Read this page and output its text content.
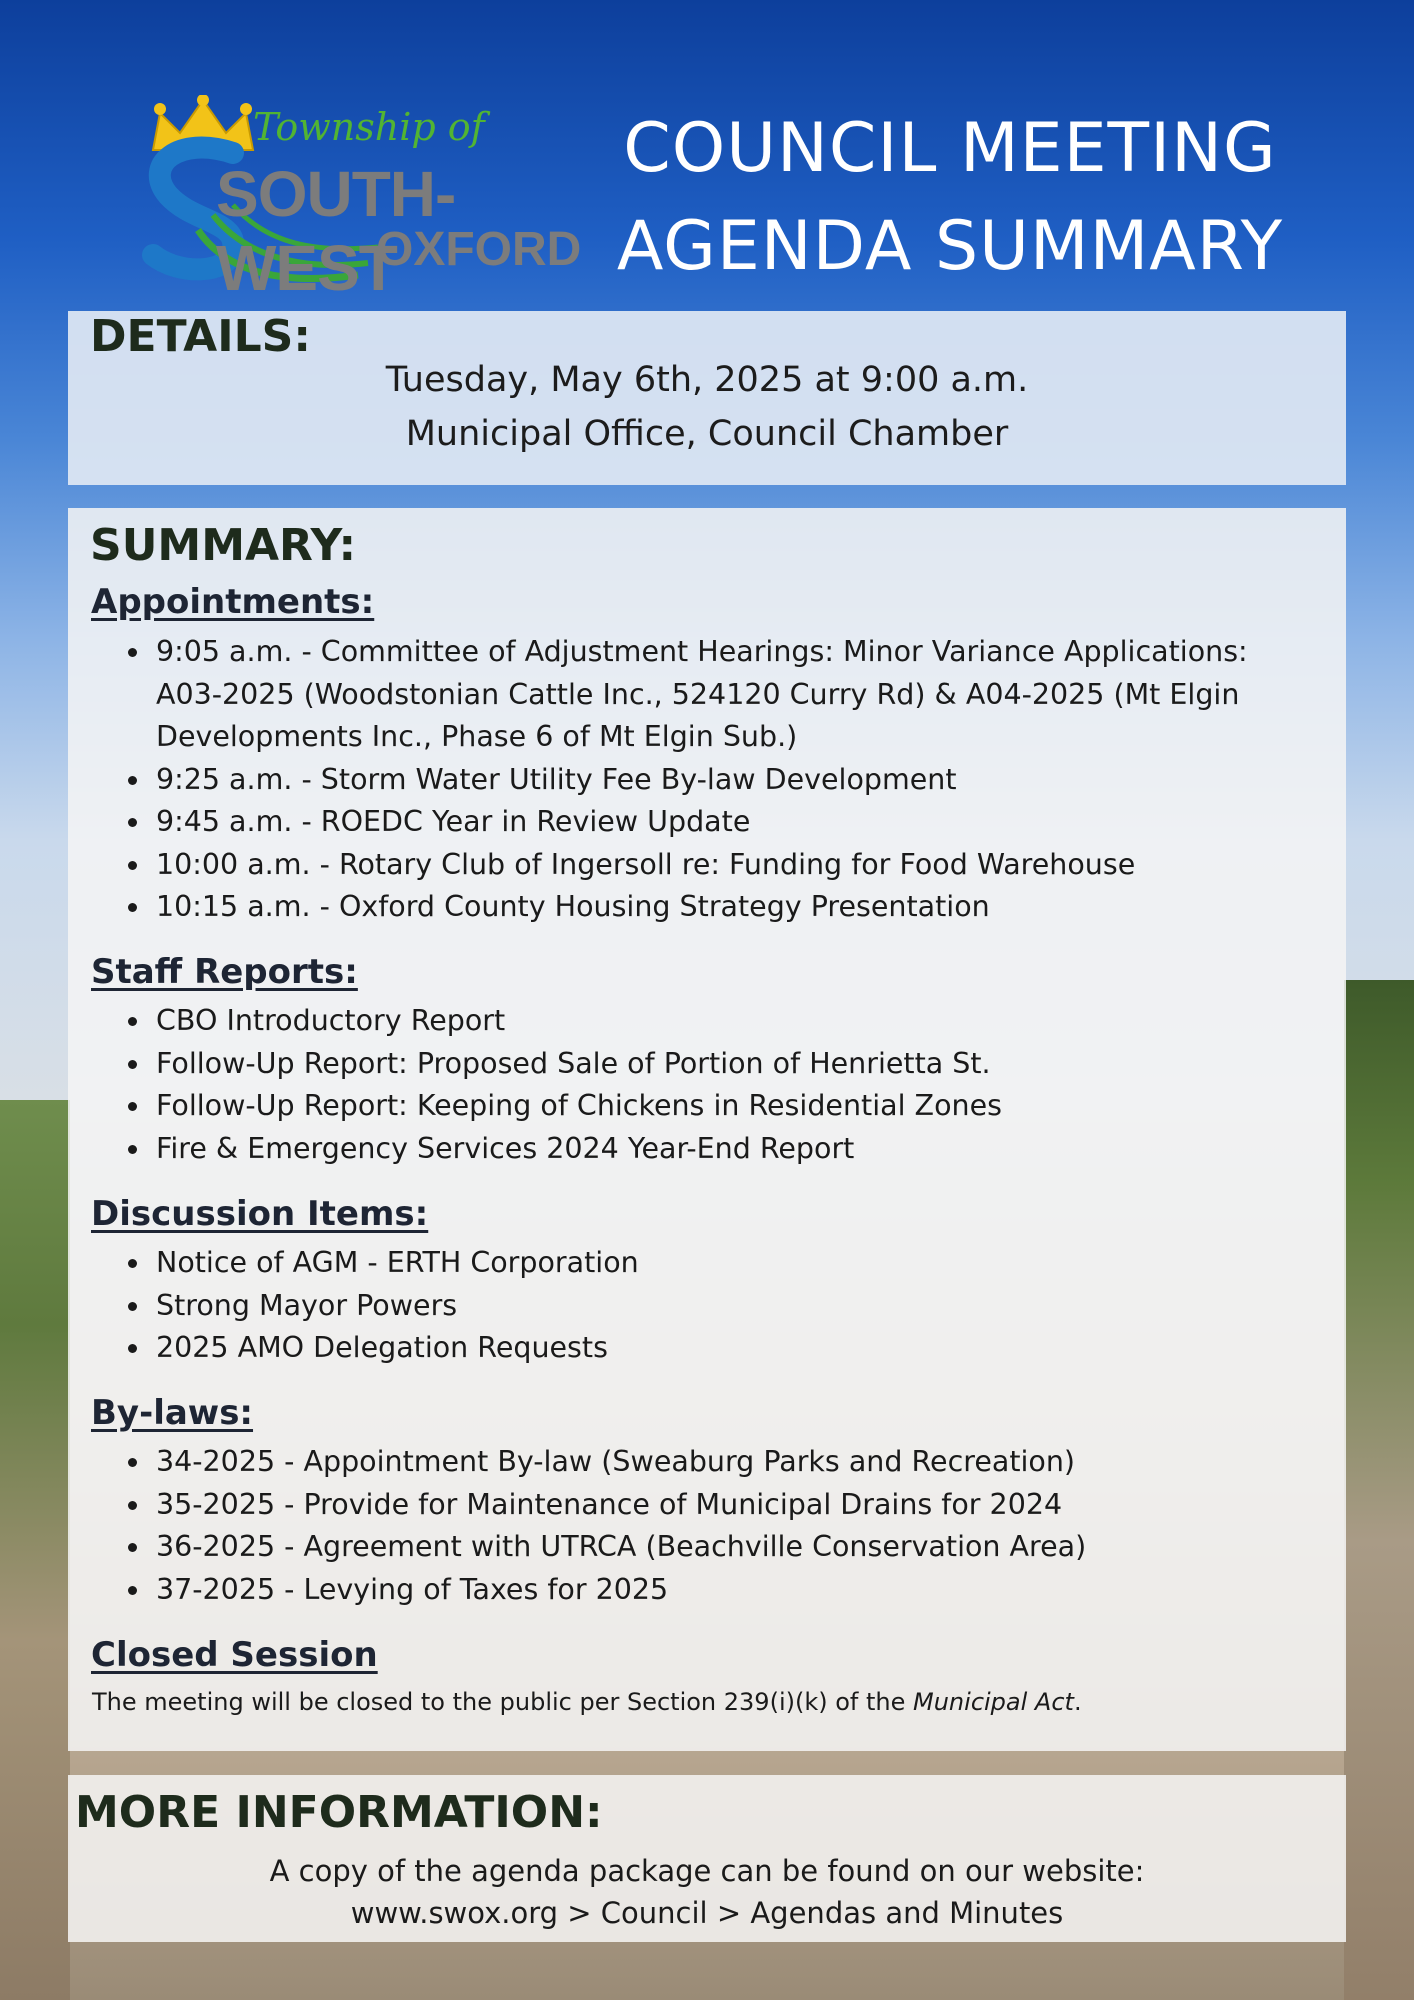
Township of
SOUTH-WEST
OXFORD
COUNCIL MEETING
AGENDA SUMMARY
DETAILS:
Tuesday, May 6th, 2025 at 9:00 a.m.
Municipal Office, Council Chamber
SUMMARY:
Appointments:
• 9:05 a.m. - Committee of Adjustment Hearings: Minor Variance Applications: A03-2025 (Woodstonian Cattle Inc., 524120 Curry Rd) & A04-2025 (Mt Elgin Developments Inc., Phase 6 of Mt Elgin Sub.)
• 9:25 a.m. - Storm Water Utility Fee By-law Development
• 9:45 a.m. - ROEDC Year in Review Update
• 10:00 a.m. - Rotary Club of Ingersoll re: Funding for Food Warehouse
• 10:15 a.m. - Oxford County Housing Strategy Presentation
Staff Reports:
• CBO Introductory Report
• Follow-Up Report: Proposed Sale of Portion of Henrietta St.
• Follow-Up Report: Keeping of Chickens in Residential Zones
• Fire & Emergency Services 2024 Year-End Report
Discussion Items:
• Notice of AGM - ERTH Corporation
• Strong Mayor Powers
• 2025 AMO Delegation Requests
By-laws:
• 34-2025 - Appointment By-law (Sweaburg Parks and Recreation)
• 35-2025 - Provide for Maintenance of Municipal Drains for 2024
• 36-2025 - Agreement with UTRCA (Beachville Conservation Area)
• 37-2025 - Levying of Taxes for 2025
Closed Session
The meeting will be closed to the public per Section 239(i)(k) of the Municipal Act.
MORE INFORMATION:
A copy of the agenda package can be found on our website:
www.swox.org > Council > Agendas and Minutes
